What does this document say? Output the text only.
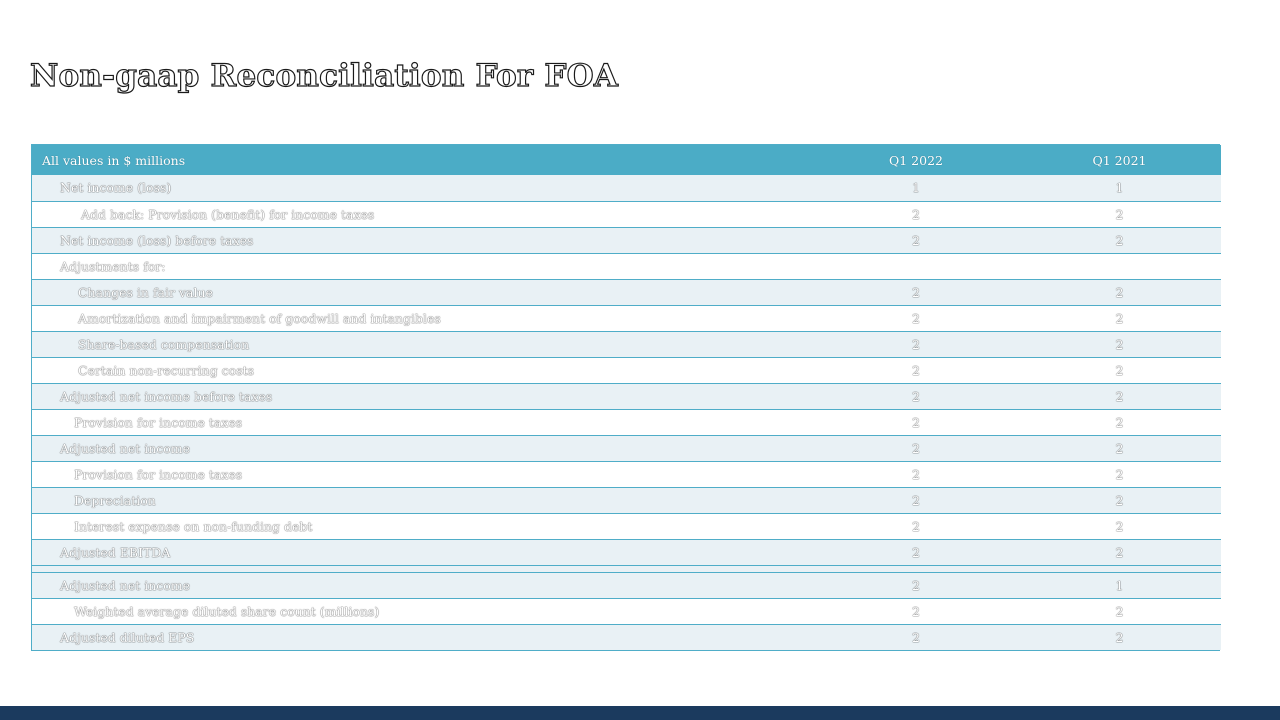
Non-gaap Reconciliation For FOA
All values in $ millions	Q1 2022	Q1 2021
Net income (loss)	1	1
Add back: Provision (benefit) for income taxes	2	2
Net income (loss) before taxes	2	2
Adjustments for:		
Changes in fair value	2	2
Amortization and impairment of goodwill and intangibles	2	2
Share-based compensation	2	2
Certain non-recurring costs	2	2
Adjusted net income before taxes	2	2
Provision for income taxes	2	2
Adjusted net income	2	2
Provision for income taxes	2	2
Depreciation	2	2
Interest expense on non-funding debt	2	2
Adjusted EBITDA	2	2

Adjusted net income	2	1
Weighted average diluted share count (millions)	2	2
Adjusted diluted EPS	2	2
